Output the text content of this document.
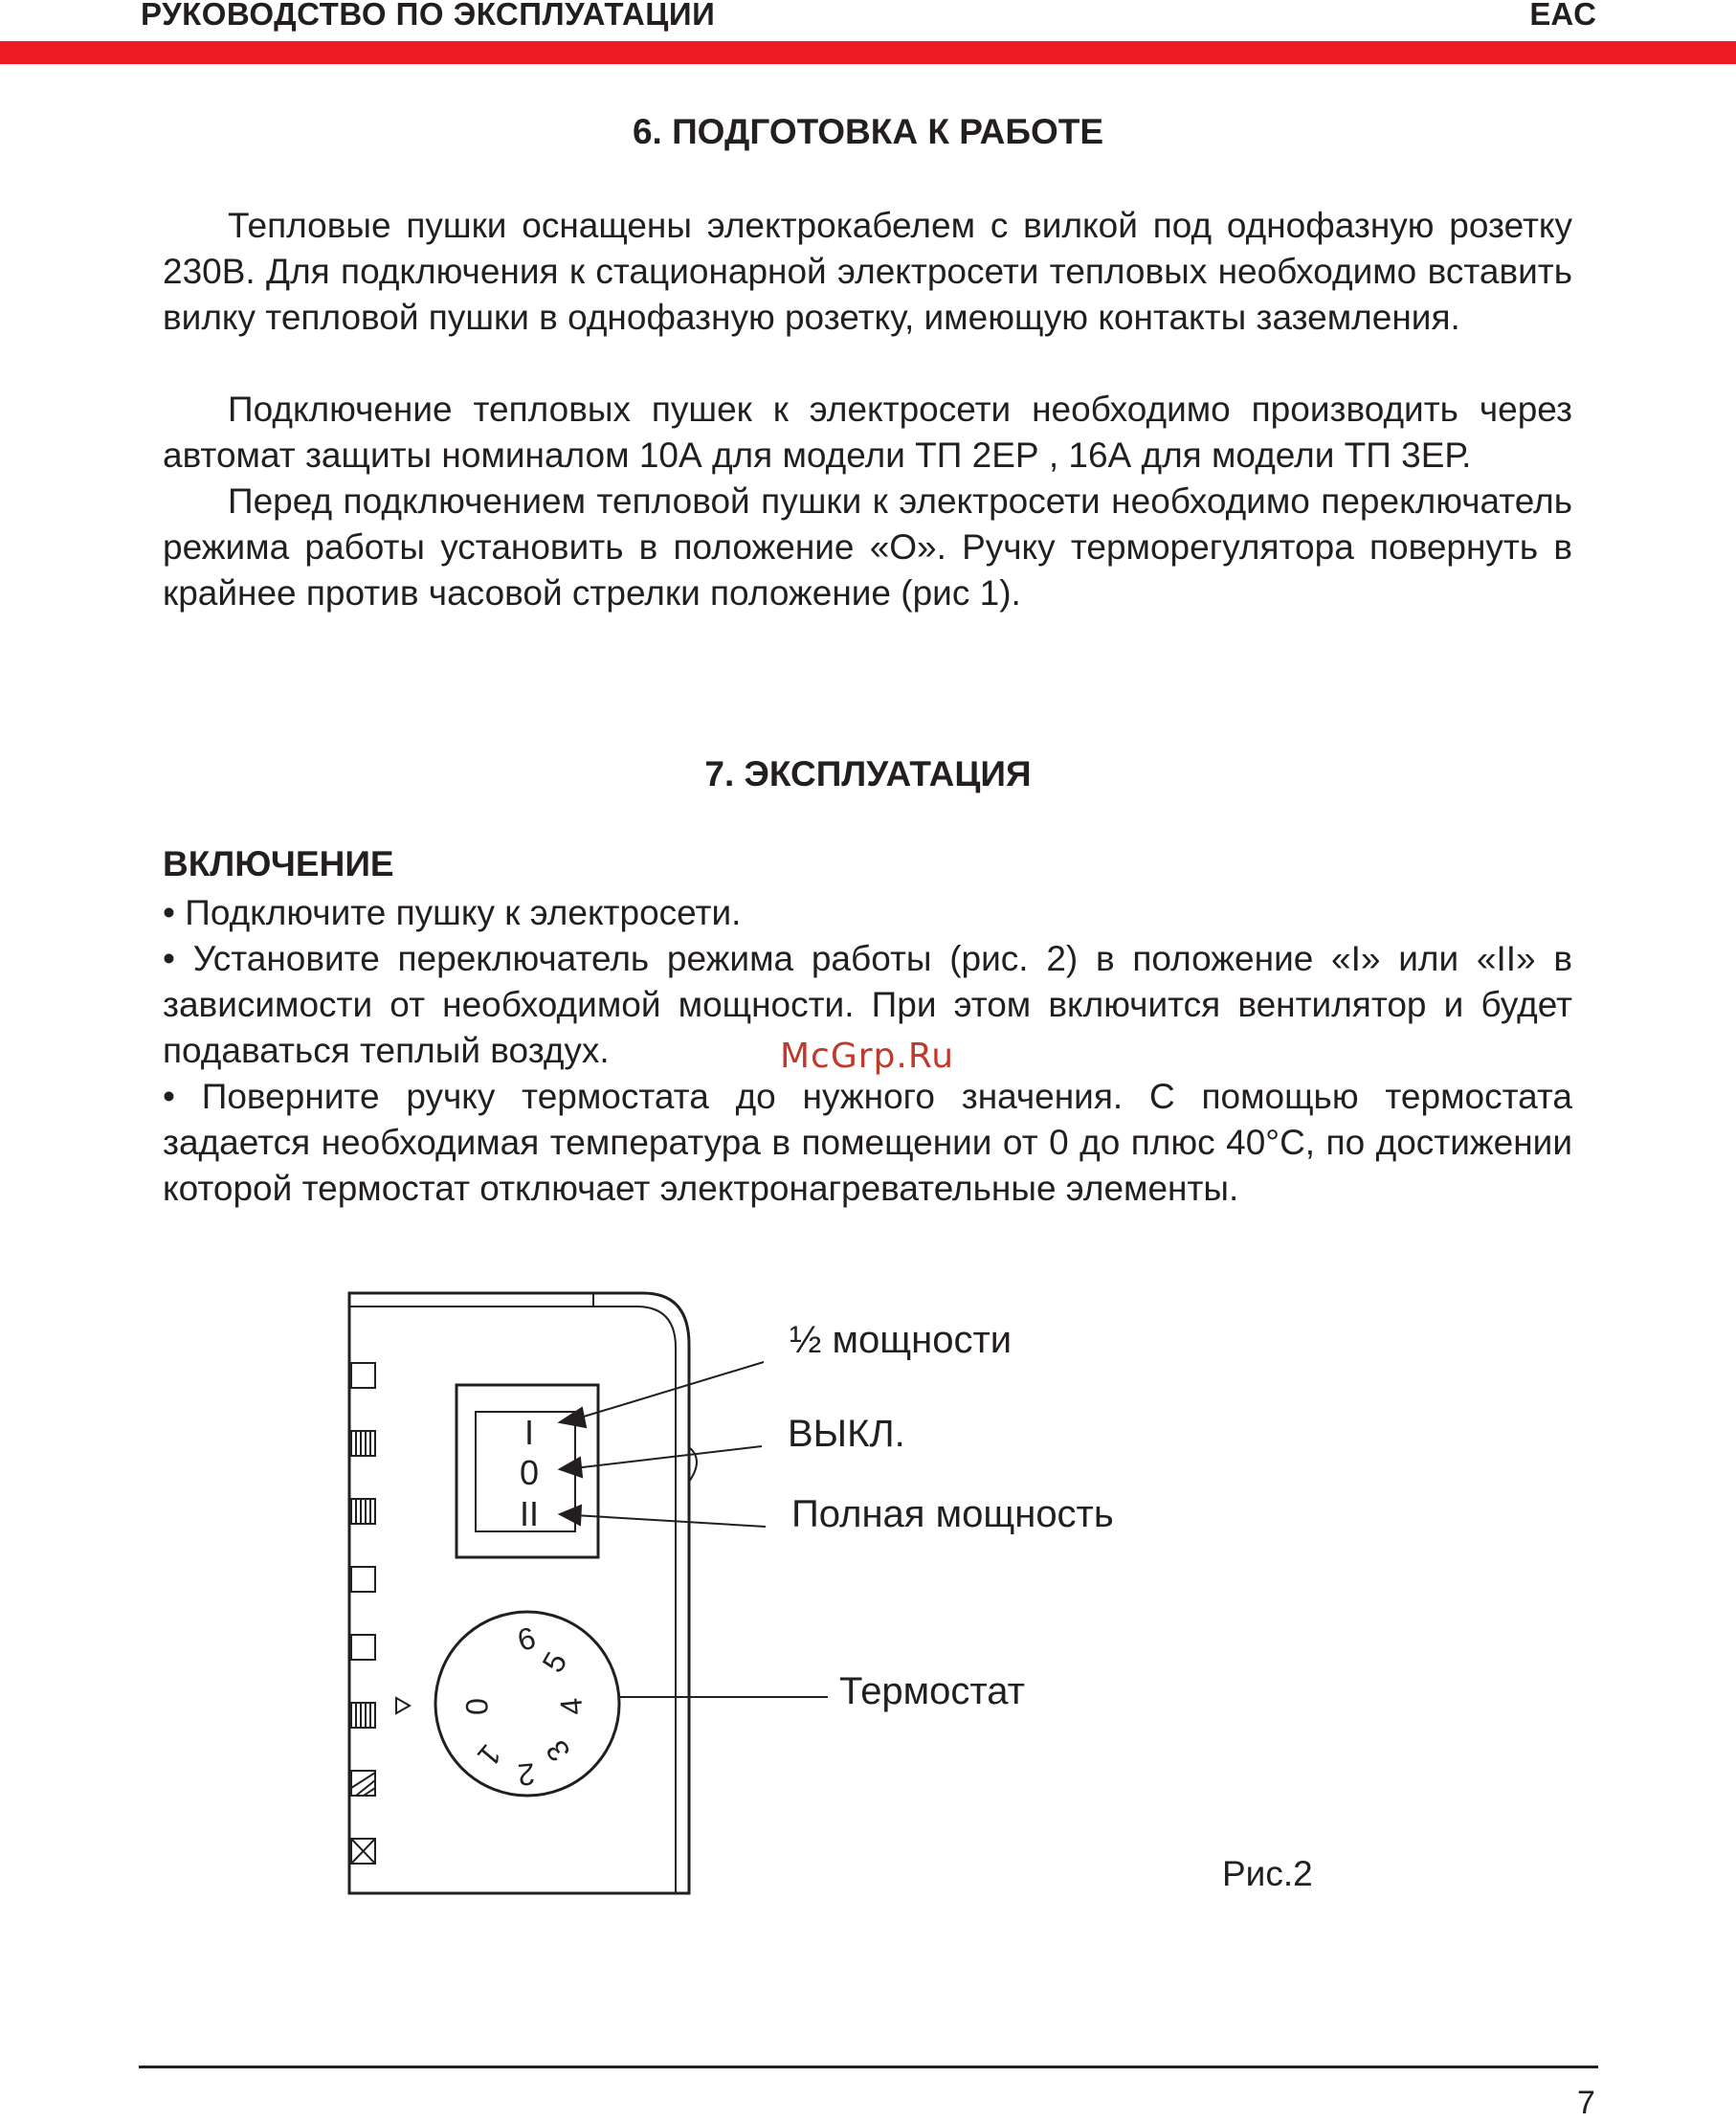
РУКОВОДСТВО ПО ЭКСПЛУАТАЦИИ	EAC
6. ПОДГОТОВКА К РАБОТЕ

Тепловые пушки оснащены электрокабелем с вилкой под однофазную розетку 230В. Для подключения к стационарной электросети тепловых необходимо вставить вилку тепловой пушки в однофазную розетку, имеющую контакты заземления.

Подключение тепловых пушек к электросети необходимо производить через автомат защиты номиналом 10А для модели ТП 2ЕР , 16А для модели ТП 3ЕР.

Перед подключением тепловой пушки к электросети необходимо переключатель режима работы установить в положение «О». Ручку терморегулятора повернуть в крайнее против часовой стрелки положение (рис 1).

7. ЭКСПЛУАТАЦИЯ
ВКЛЮЧЕНИЕ

• Подключите пушку к электросети.

• Установите переключатель режима работы (рис. 2) в положение «I» или «II» в зависимости от необходимой мощности. При этом включится вентилятор и будет подаваться теплый воздух.

• Поверните ручку термостата до нужного значения. С помощью термостата задается необходимая температура в помещении от 0 до плюс 40°С, по достижении которой термостат отключает электронагревательные элементы.

McGrp.Ru
I
0
II
0
1
2
3
4
5
6
½ мощности
ВЫКЛ.
Полная мощность
Термостат
Рис.2
7
